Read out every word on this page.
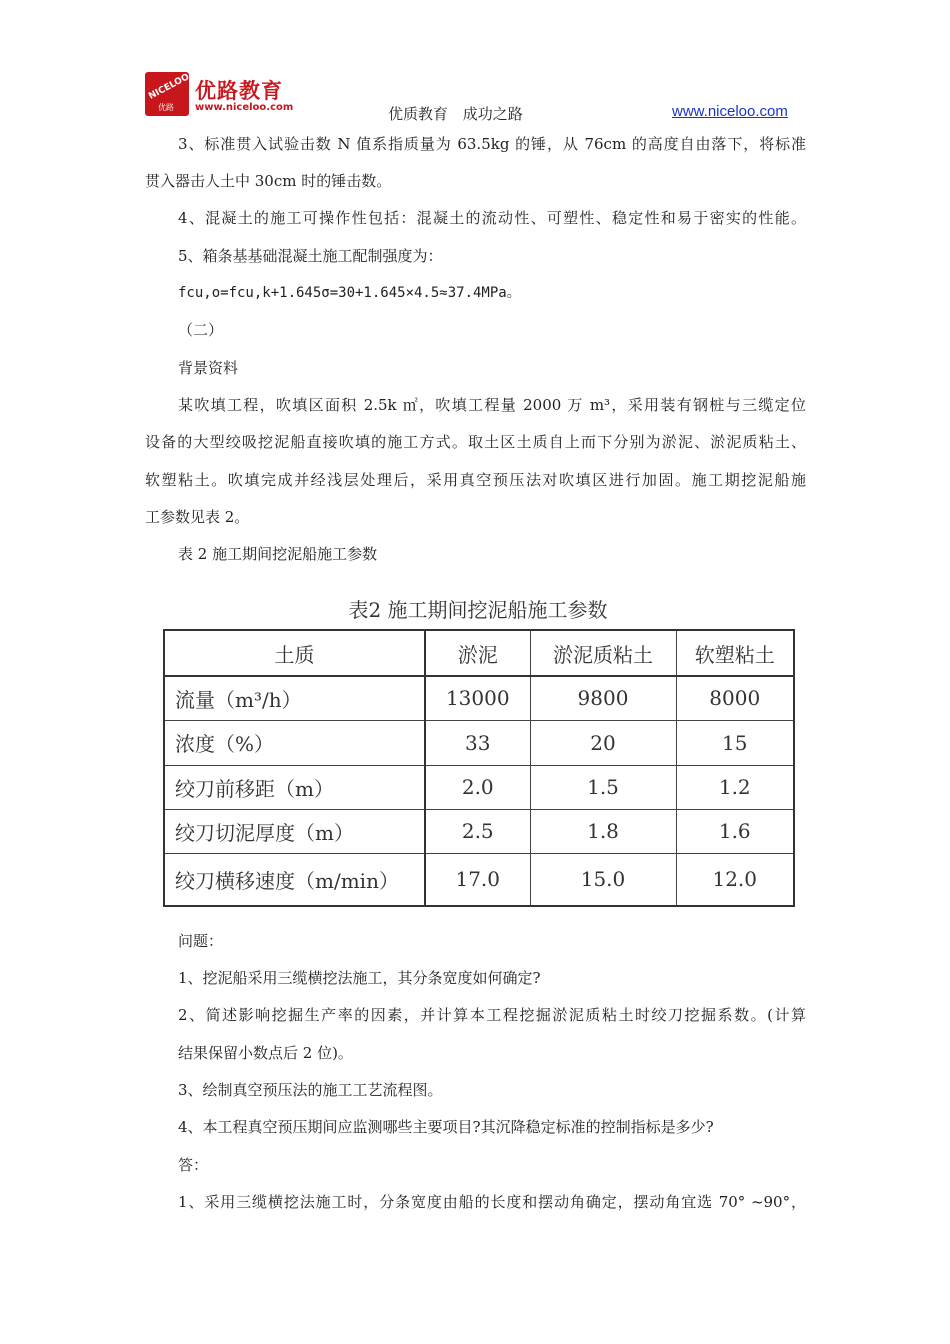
NICELOO
优路
优路教育
www.niceloo.com	优质教育 成功之路	www.niceloo.com
3、标准贯入试验击数 N 值系指质量为 63.5kg 的锤，从 76cm 的高度自由落下，将标准
贯入器击人土中 30cm 时的锤击数。
4、混凝土的施工可操作性包括：混凝土的流动性、可塑性、稳定性和易于密实的性能。
5、箱条基基础混凝土施工配制强度为：
fcu,o=fcu,k+1.645σ=30+1.645×4.5≈37.4MPa。
（二）
背景资料
某吹填工程，吹填区面积 2.5k ㎡，吹填工程量 2000 万 m³，采用装有钢桩与三缆定位
设备的大型绞吸挖泥船直接吹填的施工方式。取土区土质自上而下分别为淤泥、淤泥质粘土、
软塑粘土。吹填完成并经浅层处理后，采用真空预压法对吹填区进行加固。施工期挖泥船施
工参数见表 2。
表 2 施工期间挖泥船施工参数
表2 施工期间挖泥船施工参数
土质	淤泥	淤泥质粘土	软塑粘土
流量（m³/h）	13000	9800	8000
浓度（%）	33	20	15
绞刀前移距（m）	2.0	1.5	1.2
绞刀切泥厚度（m）	2.5	1.8	1.6
绞刀横移速度（m/min）	17.0	15.0	12.0
问题：
1、挖泥船采用三缆横挖法施工，其分条宽度如何确定?
2、简述影响挖掘生产率的因素，并计算本工程挖掘淤泥质粘土时绞刀挖掘系数。(计算
结果保留小数点后 2 位)。
3、绘制真空预压法的施工工艺流程图。
4、本工程真空预压期间应监测哪些主要项目?其沉降稳定标准的控制指标是多少?
答：
1、采用三缆横挖法施工时，分条宽度由船的长度和摆动角确定，摆动角宜选 70° ~90°，
